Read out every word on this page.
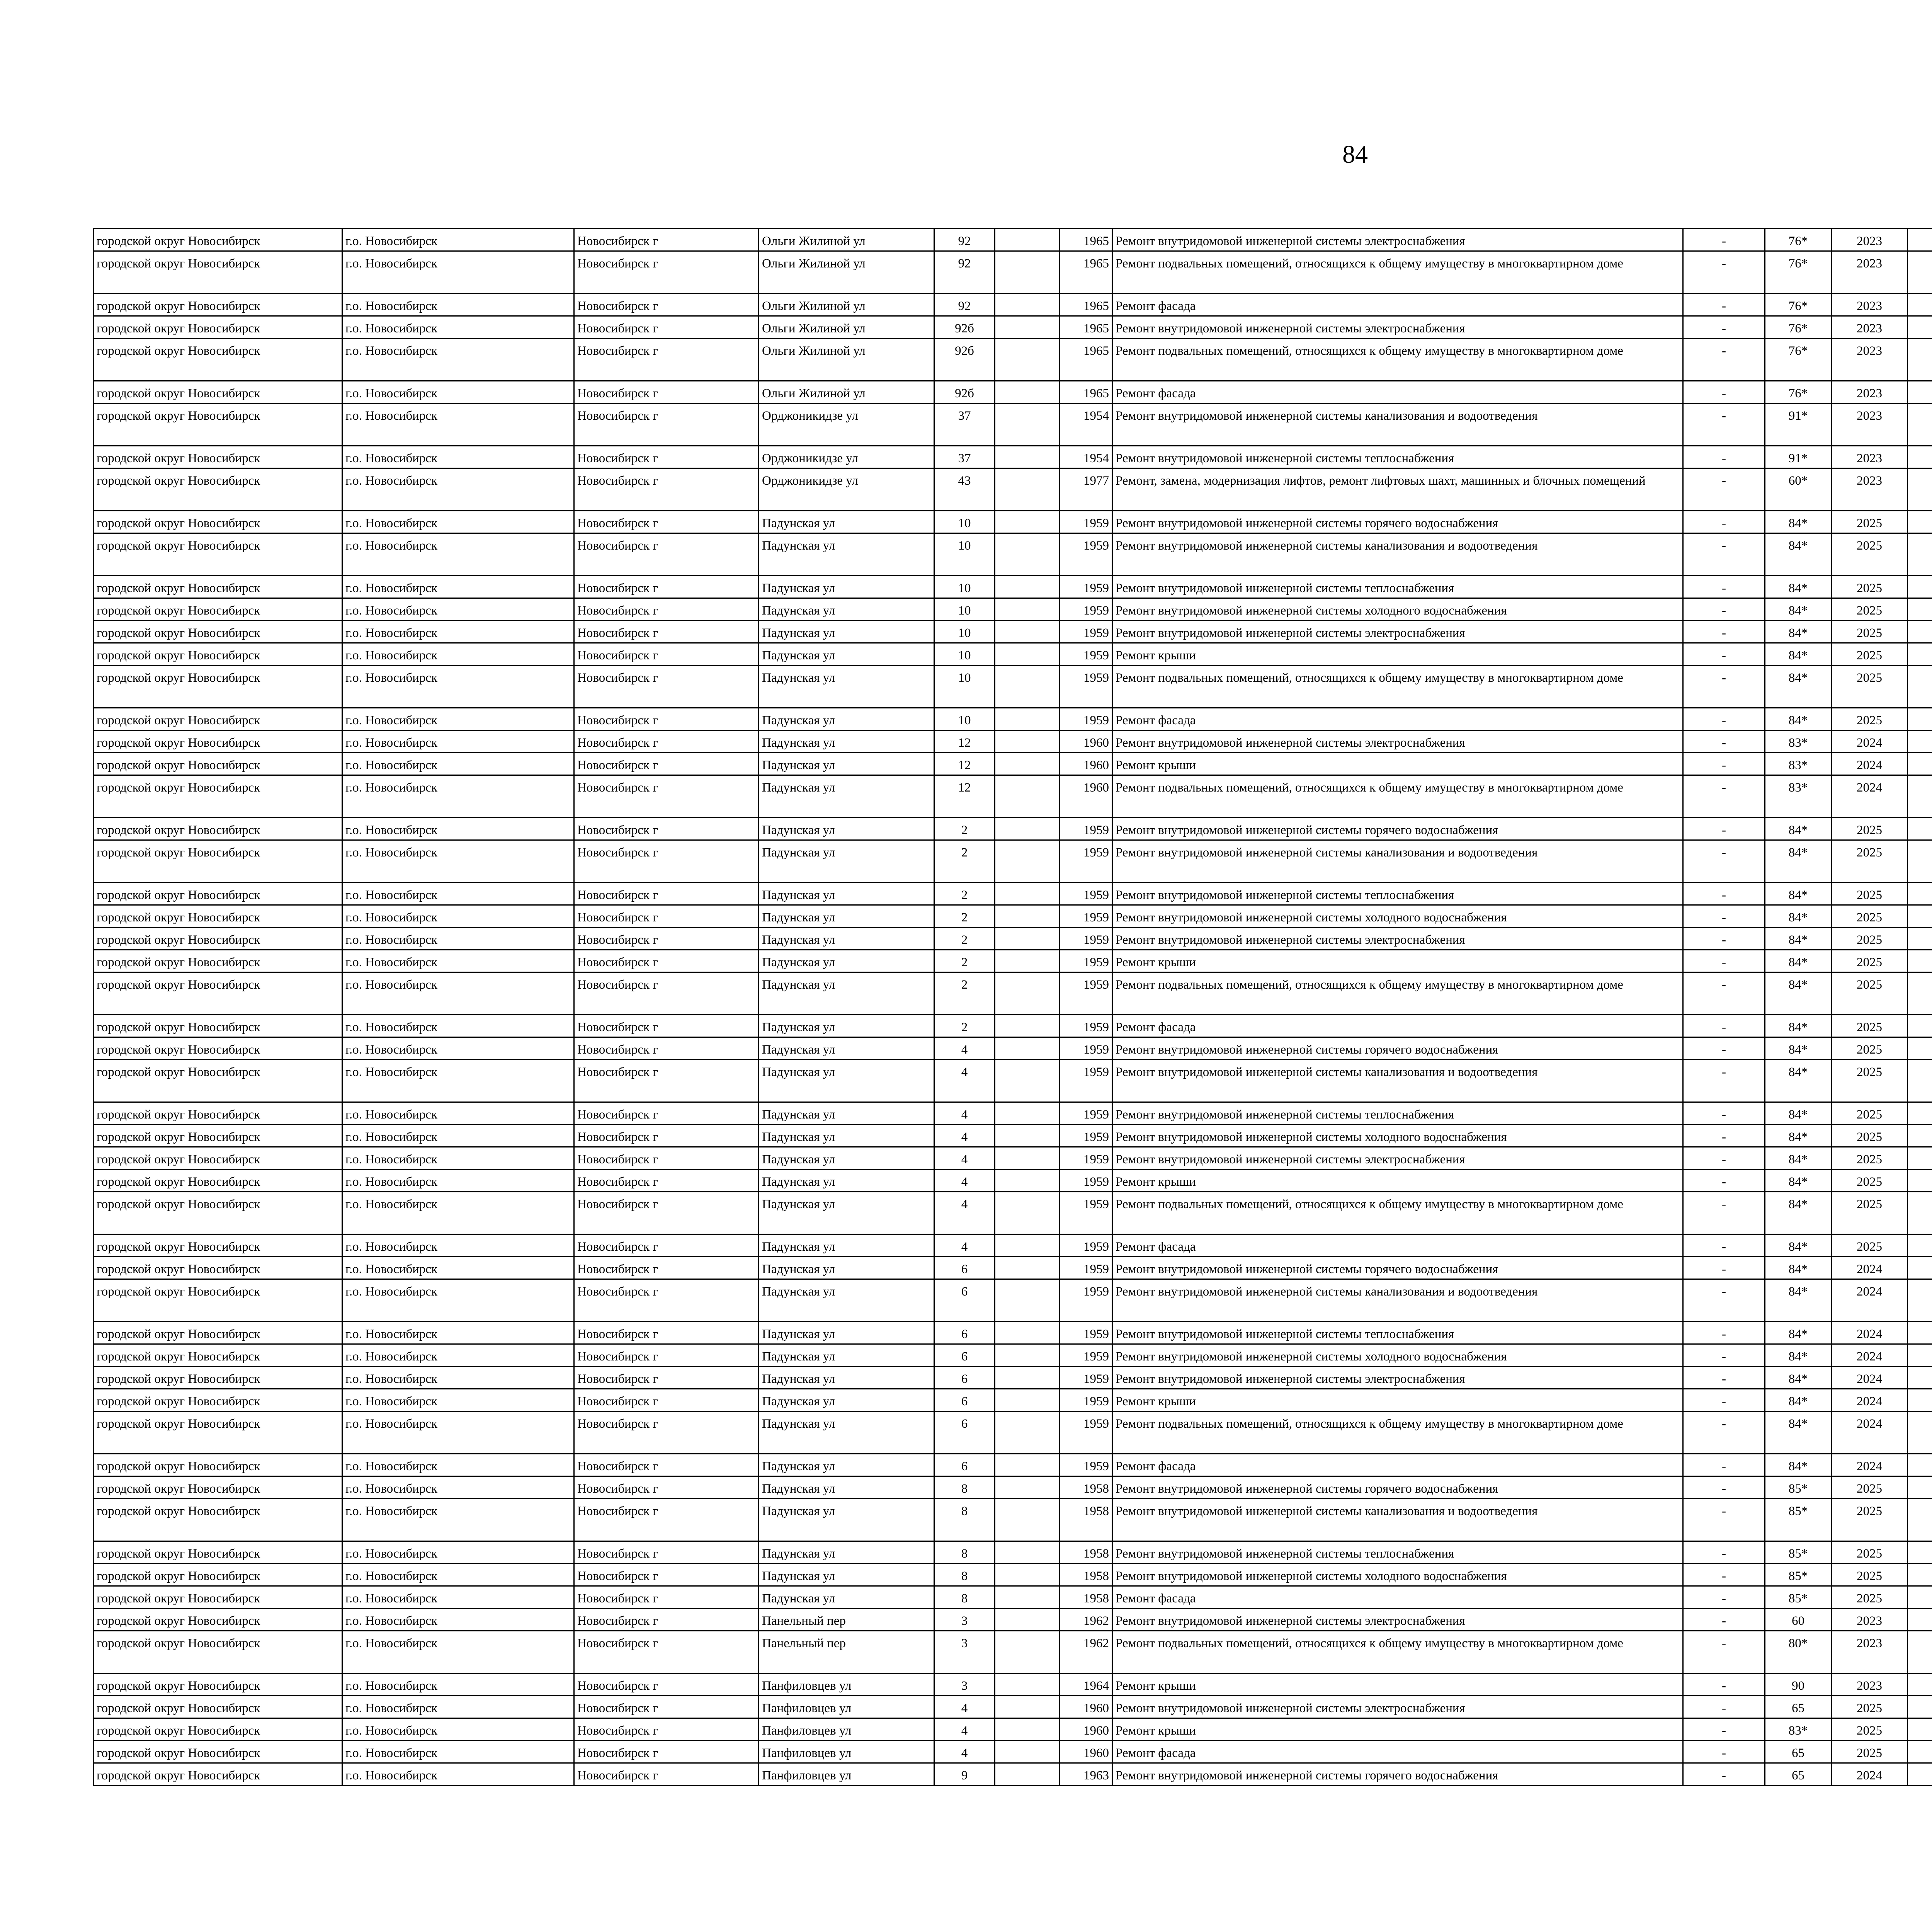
84
городской округ Новосибирск	г.о. Новосибирск	Новосибирск г	Ольги Жилиной ул	92		1965	Ремонт внутридомовой инженерной системы электроснабжения	-	76*	2023						
городской округ Новосибирск	г.о. Новосибирск	Новосибирск г	Ольги Жилиной ул	92		1965	Ремонт подвальных помещений, относящихся к общему имуществу в многоквартирном доме	-	76*	2023						
городской округ Новосибирск	г.о. Новосибирск	Новосибирск г	Ольги Жилиной ул	92		1965	Ремонт фасада	-	76*	2023						
городской округ Новосибирск	г.о. Новосибирск	Новосибирск г	Ольги Жилиной ул	92б		1965	Ремонт внутридомовой инженерной системы электроснабжения	-	76*	2023						
городской округ Новосибирск	г.о. Новосибирск	Новосибирск г	Ольги Жилиной ул	92б		1965	Ремонт подвальных помещений, относящихся к общему имуществу в многоквартирном доме	-	76*	2023						
городской округ Новосибирск	г.о. Новосибирск	Новосибирск г	Ольги Жилиной ул	92б		1965	Ремонт фасада	-	76*	2023						
городской округ Новосибирск	г.о. Новосибирск	Новосибирск г	Орджоникидзе ул	37		1954	Ремонт внутридомовой инженерной системы канализования и водоотведения	-	91*	2023						
городской округ Новосибирск	г.о. Новосибирск	Новосибирск г	Орджоникидзе ул	37		1954	Ремонт внутридомовой инженерной системы теплоснабжения	-	91*	2023						
городской округ Новосибирск	г.о. Новосибирск	Новосибирск г	Орджоникидзе ул	43		1977	Ремонт, замена, модернизация лифтов, ремонт лифтовых шахт, машинных и блочных помещений	-	60*	2023						
городской округ Новосибирск	г.о. Новосибирск	Новосибирск г	Падунская ул	10		1959	Ремонт внутридомовой инженерной системы горячего водоснабжения	-	84*	2025						
городской округ Новосибирск	г.о. Новосибирск	Новосибирск г	Падунская ул	10		1959	Ремонт внутридомовой инженерной системы канализования и водоотведения	-	84*	2025						
городской округ Новосибирск	г.о. Новосибирск	Новосибирск г	Падунская ул	10		1959	Ремонт внутридомовой инженерной системы теплоснабжения	-	84*	2025						
городской округ Новосибирск	г.о. Новосибирск	Новосибирск г	Падунская ул	10		1959	Ремонт внутридомовой инженерной системы холодного водоснабжения	-	84*	2025						
городской округ Новосибирск	г.о. Новосибирск	Новосибирск г	Падунская ул	10		1959	Ремонт внутридомовой инженерной системы электроснабжения	-	84*	2025						
городской округ Новосибирск	г.о. Новосибирск	Новосибирск г	Падунская ул	10		1959	Ремонт крыши	-	84*	2025						
городской округ Новосибирск	г.о. Новосибирск	Новосибирск г	Падунская ул	10		1959	Ремонт подвальных помещений, относящихся к общему имуществу в многоквартирном доме	-	84*	2025						
городской округ Новосибирск	г.о. Новосибирск	Новосибирск г	Падунская ул	10		1959	Ремонт фасада	-	84*	2025						
городской округ Новосибирск	г.о. Новосибирск	Новосибирск г	Падунская ул	12		1960	Ремонт внутридомовой инженерной системы электроснабжения	-	83*	2024						
городской округ Новосибирск	г.о. Новосибирск	Новосибирск г	Падунская ул	12		1960	Ремонт крыши	-	83*	2024						
городской округ Новосибирск	г.о. Новосибирск	Новосибирск г	Падунская ул	12		1960	Ремонт подвальных помещений, относящихся к общему имуществу в многоквартирном доме	-	83*	2024						
городской округ Новосибирск	г.о. Новосибирск	Новосибирск г	Падунская ул	2		1959	Ремонт внутридомовой инженерной системы горячего водоснабжения	-	84*	2025						
городской округ Новосибирск	г.о. Новосибирск	Новосибирск г	Падунская ул	2		1959	Ремонт внутридомовой инженерной системы канализования и водоотведения	-	84*	2025						
городской округ Новосибирск	г.о. Новосибирск	Новосибирск г	Падунская ул	2		1959	Ремонт внутридомовой инженерной системы теплоснабжения	-	84*	2025						
городской округ Новосибирск	г.о. Новосибирск	Новосибирск г	Падунская ул	2		1959	Ремонт внутридомовой инженерной системы холодного водоснабжения	-	84*	2025						
городской округ Новосибирск	г.о. Новосибирск	Новосибирск г	Падунская ул	2		1959	Ремонт внутридомовой инженерной системы электроснабжения	-	84*	2025						
городской округ Новосибирск	г.о. Новосибирск	Новосибирск г	Падунская ул	2		1959	Ремонт крыши	-	84*	2025						
городской округ Новосибирск	г.о. Новосибирск	Новосибирск г	Падунская ул	2		1959	Ремонт подвальных помещений, относящихся к общему имуществу в многоквартирном доме	-	84*	2025						
городской округ Новосибирск	г.о. Новосибирск	Новосибирск г	Падунская ул	2		1959	Ремонт фасада	-	84*	2025						
городской округ Новосибирск	г.о. Новосибирск	Новосибирск г	Падунская ул	4		1959	Ремонт внутридомовой инженерной системы горячего водоснабжения	-	84*	2025						
городской округ Новосибирск	г.о. Новосибирск	Новосибирск г	Падунская ул	4		1959	Ремонт внутридомовой инженерной системы канализования и водоотведения	-	84*	2025						
городской округ Новосибирск	г.о. Новосибирск	Новосибирск г	Падунская ул	4		1959	Ремонт внутридомовой инженерной системы теплоснабжения	-	84*	2025						
городской округ Новосибирск	г.о. Новосибирск	Новосибирск г	Падунская ул	4		1959	Ремонт внутридомовой инженерной системы холодного водоснабжения	-	84*	2025						
городской округ Новосибирск	г.о. Новосибирск	Новосибирск г	Падунская ул	4		1959	Ремонт внутридомовой инженерной системы электроснабжения	-	84*	2025						
городской округ Новосибирск	г.о. Новосибирск	Новосибирск г	Падунская ул	4		1959	Ремонт крыши	-	84*	2025						
городской округ Новосибирск	г.о. Новосибирск	Новосибирск г	Падунская ул	4		1959	Ремонт подвальных помещений, относящихся к общему имуществу в многоквартирном доме	-	84*	2025						
городской округ Новосибирск	г.о. Новосибирск	Новосибирск г	Падунская ул	4		1959	Ремонт фасада	-	84*	2025						
городской округ Новосибирск	г.о. Новосибирск	Новосибирск г	Падунская ул	6		1959	Ремонт внутридомовой инженерной системы горячего водоснабжения	-	84*	2024						
городской округ Новосибирск	г.о. Новосибирск	Новосибирск г	Падунская ул	6		1959	Ремонт внутридомовой инженерной системы канализования и водоотведения	-	84*	2024						
городской округ Новосибирск	г.о. Новосибирск	Новосибирск г	Падунская ул	6		1959	Ремонт внутридомовой инженерной системы теплоснабжения	-	84*	2024						
городской округ Новосибирск	г.о. Новосибирск	Новосибирск г	Падунская ул	6		1959	Ремонт внутридомовой инженерной системы холодного водоснабжения	-	84*	2024						
городской округ Новосибирск	г.о. Новосибирск	Новосибирск г	Падунская ул	6		1959	Ремонт внутридомовой инженерной системы электроснабжения	-	84*	2024						
городской округ Новосибирск	г.о. Новосибирск	Новосибирск г	Падунская ул	6		1959	Ремонт крыши	-	84*	2024						
городской округ Новосибирск	г.о. Новосибирск	Новосибирск г	Падунская ул	6		1959	Ремонт подвальных помещений, относящихся к общему имуществу в многоквартирном доме	-	84*	2024						
городской округ Новосибирск	г.о. Новосибирск	Новосибирск г	Падунская ул	6		1959	Ремонт фасада	-	84*	2024						
городской округ Новосибирск	г.о. Новосибирск	Новосибирск г	Падунская ул	8		1958	Ремонт внутридомовой инженерной системы горячего водоснабжения	-	85*	2025						
городской округ Новосибирск	г.о. Новосибирск	Новосибирск г	Падунская ул	8		1958	Ремонт внутридомовой инженерной системы канализования и водоотведения	-	85*	2025						
городской округ Новосибирск	г.о. Новосибирск	Новосибирск г	Падунская ул	8		1958	Ремонт внутридомовой инженерной системы теплоснабжения	-	85*	2025						
городской округ Новосибирск	г.о. Новосибирск	Новосибирск г	Падунская ул	8		1958	Ремонт внутридомовой инженерной системы холодного водоснабжения	-	85*	2025						
городской округ Новосибирск	г.о. Новосибирск	Новосибирск г	Падунская ул	8		1958	Ремонт фасада	-	85*	2025						
городской округ Новосибирск	г.о. Новосибирск	Новосибирск г	Панельный пер	3		1962	Ремонт внутридомовой инженерной системы электроснабжения	-	60	2023						
городской округ Новосибирск	г.о. Новосибирск	Новосибирск г	Панельный пер	3		1962	Ремонт подвальных помещений, относящихся к общему имуществу в многоквартирном доме	-	80*	2023						
городской округ Новосибирск	г.о. Новосибирск	Новосибирск г	Панфиловцев ул	3		1964	Ремонт крыши	-	90	2023						
городской округ Новосибирск	г.о. Новосибирск	Новосибирск г	Панфиловцев ул	4		1960	Ремонт внутридомовой инженерной системы электроснабжения	-	65	2025						
городской округ Новосибирск	г.о. Новосибирск	Новосибирск г	Панфиловцев ул	4		1960	Ремонт крыши	-	83*	2025						
городской округ Новосибирск	г.о. Новосибирск	Новосибирск г	Панфиловцев ул	4		1960	Ремонт фасада	-	65	2025						
городской округ Новосибирск	г.о. Новосибирск	Новосибирск г	Панфиловцев ул	9		1963	Ремонт внутридомовой инженерной системы горячего водоснабжения	-	65	2024						
